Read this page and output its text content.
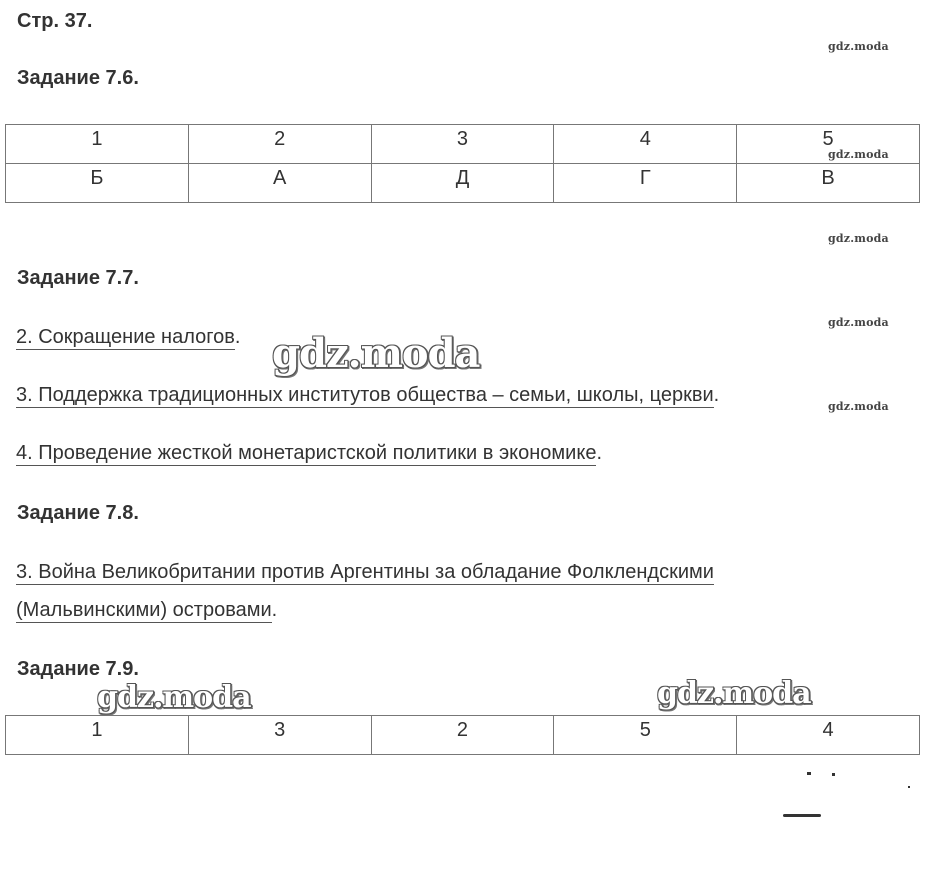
Стр. 37.
Задание 7.6.
1	2	3	4	5
Б	А	Д	Г	В
Задание 7.7.
2. Сокращение налогов.
3. Поддержка традиционных институтов общества – семьи, школы, церкви.
4. Проведение жесткой монетаристской политики в экономике.
Задание 7.8.
3. Война Великобритании против Аргентины за обладание Фолклендскими
(Мальвинскими) островами.
Задание 7.9.
1	3	2	5	4
gdz.moda
gdz.moda
gdz.moda
gdz.moda
gdz.moda
gdz.moda
gdz.moda	gdz.moda
